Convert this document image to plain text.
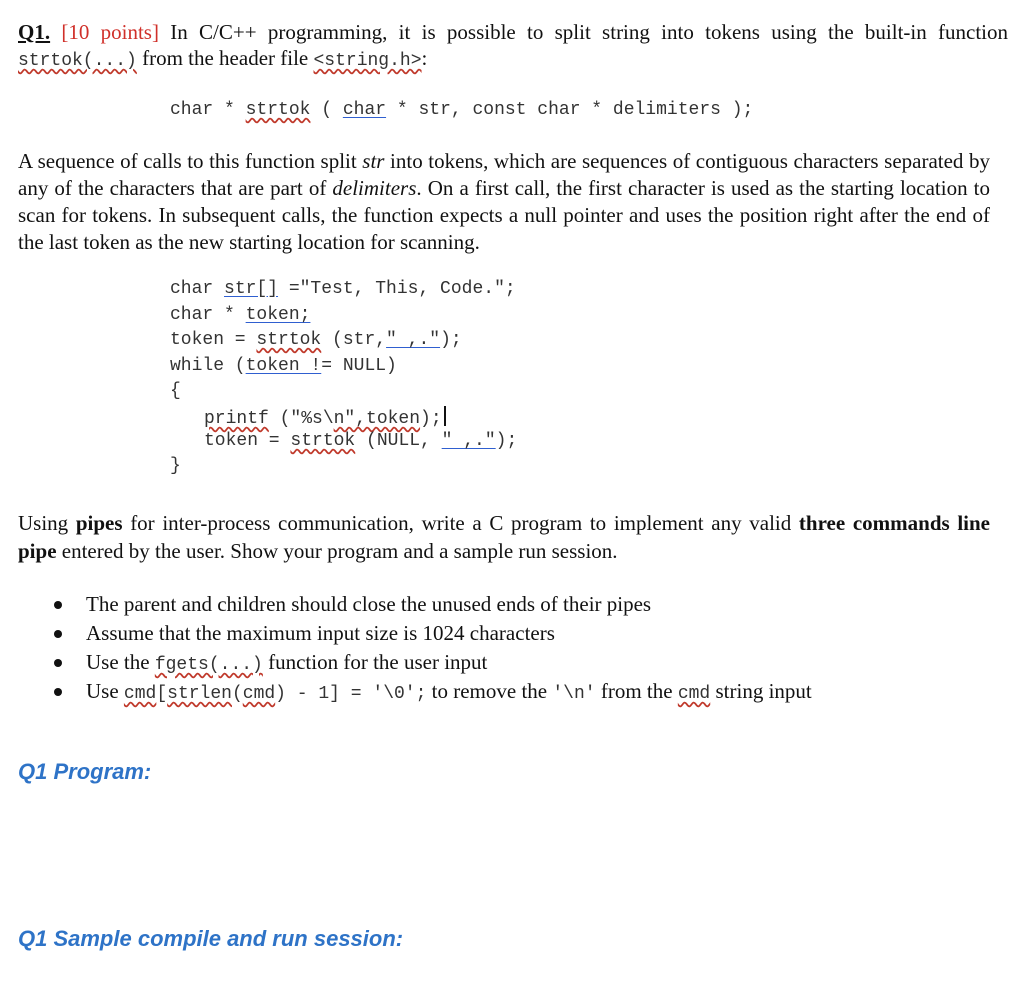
Q1. [10 points] In C/C++ programming, it is possible to split string into tokens using the built-in function strtok(...) from the header file <string.h>:
char * strtok ( char * str, const char * delimiters );
A sequence of calls to this function split str into tokens, which are sequences of contiguous characters separated by any of the characters that are part of delimiters. On a first call, the first character is used as the starting location to scan for tokens. In subsequent calls, the function expects a null pointer and uses the position right after the end of the last token as the new starting location for scanning.
char str[] ="Test, This, Code.";
char * token;
token = strtok (str," ,.");
while (token != NULL)
{
printf ("%s\n",token);
token = strtok (NULL, " ,.");
}
Using pipes for inter-process communication, write a C program to implement any valid three commands line pipe entered by the user. Show your program and a sample run session.
The parent and children should close the unused ends of their pipes
Assume that the maximum input size is 1024 characters
Use the fgets(...) function for the user input
Use cmd[strlen(cmd) - 1] = '\0'; to remove the '\n' from the cmd string input
Q1 Program:
Q1 Sample compile and run session:
